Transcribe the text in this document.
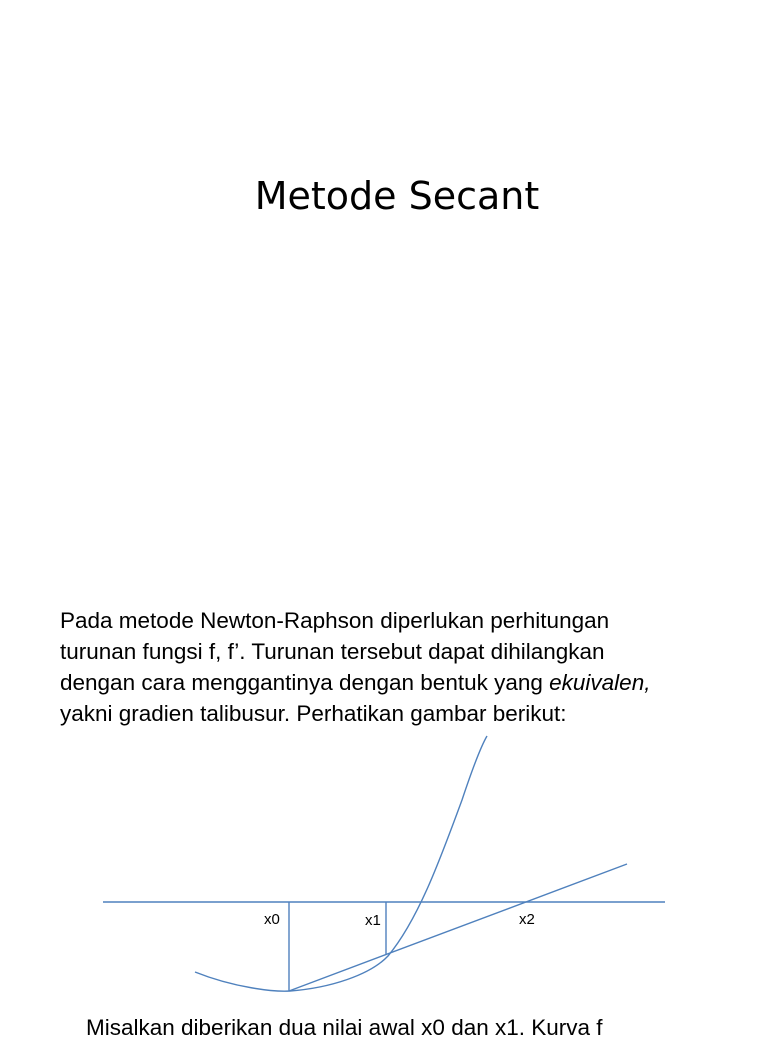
Metode Secant

Pada metode Newton-Raphson diperlukan perhitungan
turunan fungsi f, f’. Turunan tersebut dapat dihilangkan
dengan cara menggantinya dengan bentuk yang ekuivalen,
yakni gradien talibusur. Perhatikan gambar berikut:

x0	x1	x2
Misalkan diberikan dua nilai awal x0 dan x1. Kurva f
